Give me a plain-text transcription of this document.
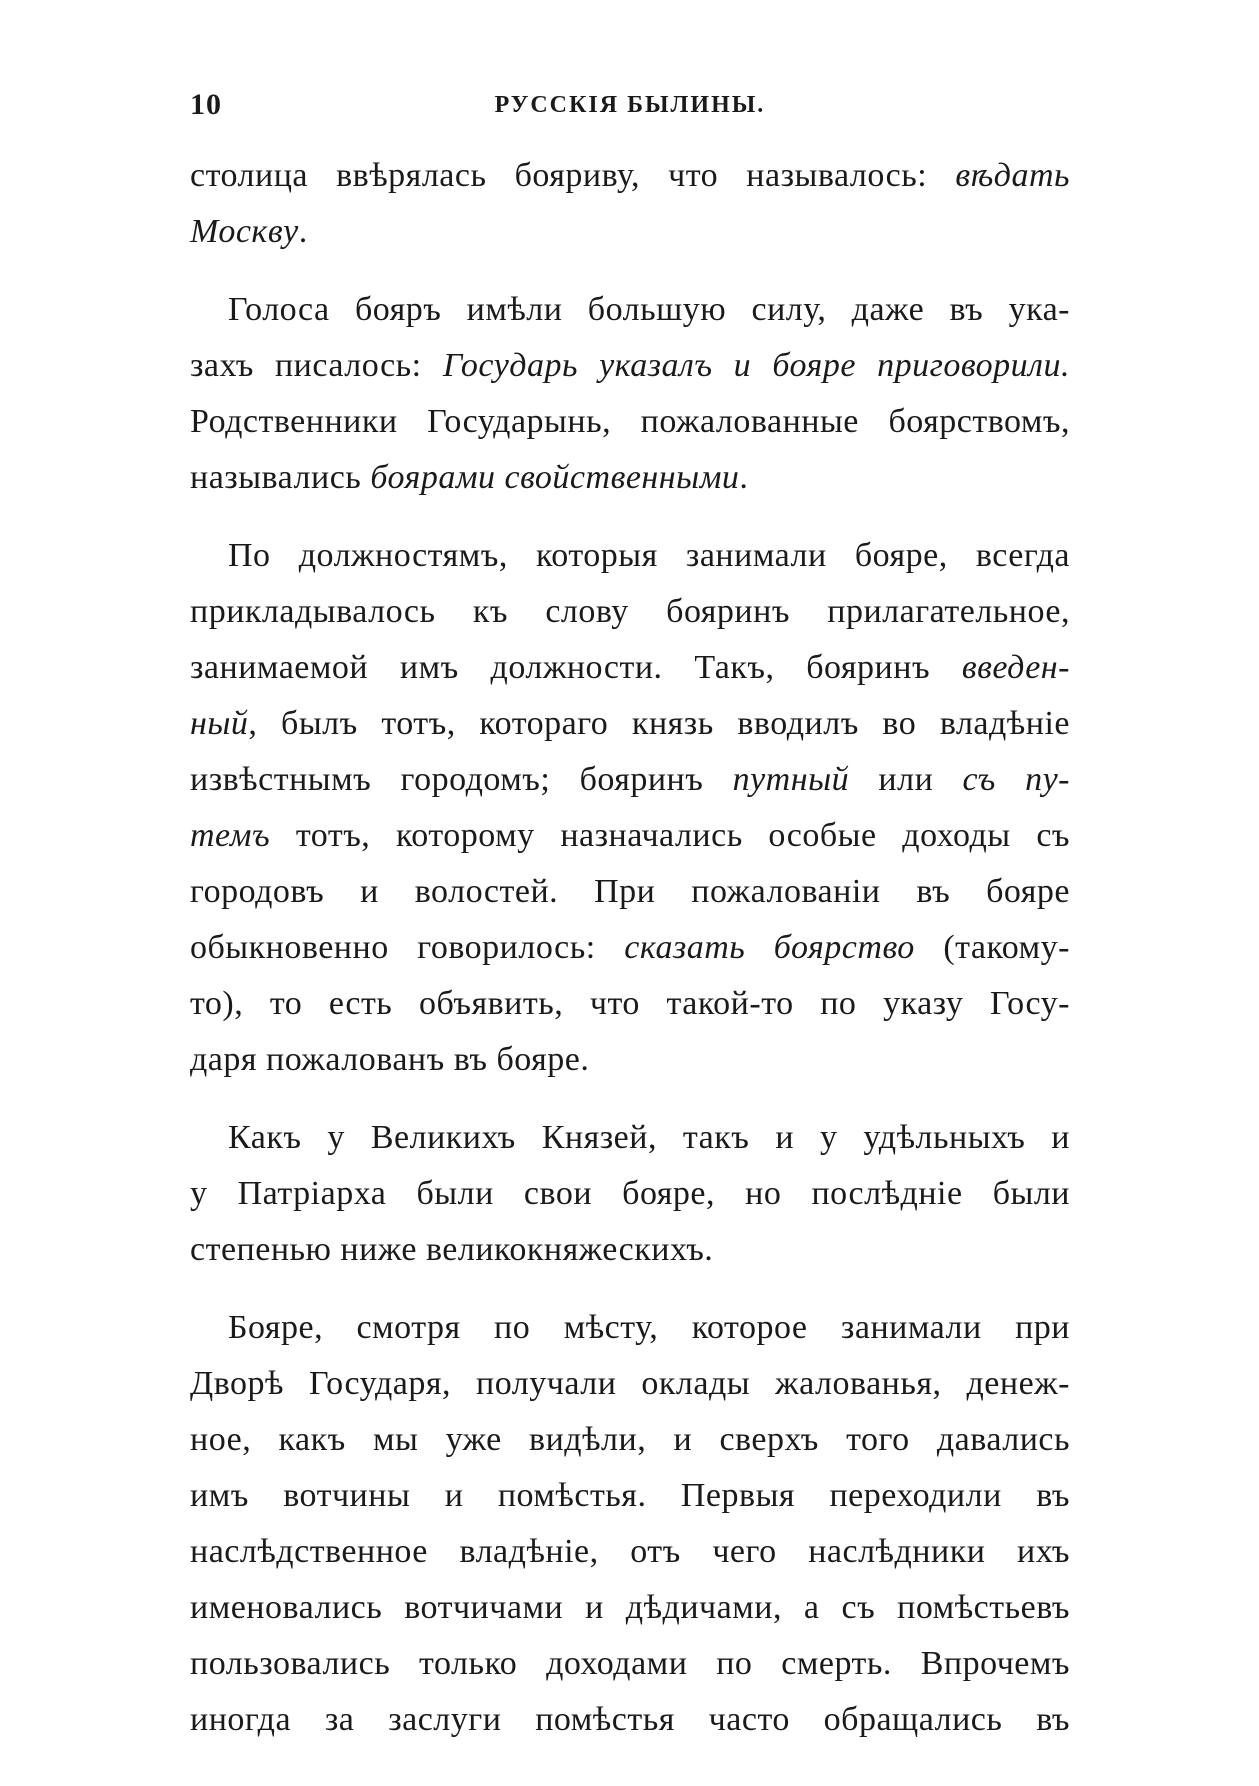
10	РУССКІЯ БЫЛИНЫ.
столица ввѣрялась бояриву, что называлось: вѣдать
Москву.
Голоса бояръ имѣли большую силу, даже въ ука-
захъ писалось: Государь указалъ и бояре приговорили.
Родственники Государынь, пожалованные боярствомъ,
назывались боярами свойственными.
По должностямъ, которыя занимали бояре, всегда
прикладывалось къ слову бояринъ прилагательное,
занимаемой имъ должности. Такъ, бояринъ введен-
ный, былъ тотъ, котораго князь вводилъ во владѣніе
извѣстнымъ городомъ; бояринъ путный или съ пу-
темъ тотъ, которому назначались особые доходы съ
городовъ и волостей. При пожалованіи въ бояре
обыкновенно говорилось: сказать боярство (такому-
то), то есть объявить, что такой-то по указу Госу-
даря пожалованъ въ бояре.
Какъ у Великихъ Князей, такъ и у удѣльныхъ и
у Патріарха были свои бояре, но послѣдніе были
степенью ниже великокняжескихъ.
Бояре, смотря по мѣсту, которое занимали при
Дворѣ Государя, получали оклады жалованья, денеж-
ное, какъ мы уже видѣли, и сверхъ того давались
имъ вотчины и помѣстья. Первыя переходили въ
наслѣдственное владѣніе, отъ чего наслѣдники ихъ
именовались вотчичами и дѣдичами, а съ помѣстьевъ
пользовались только доходами по смерть. Впрочемъ
иногда за заслуги помѣстья часто обращались въ
